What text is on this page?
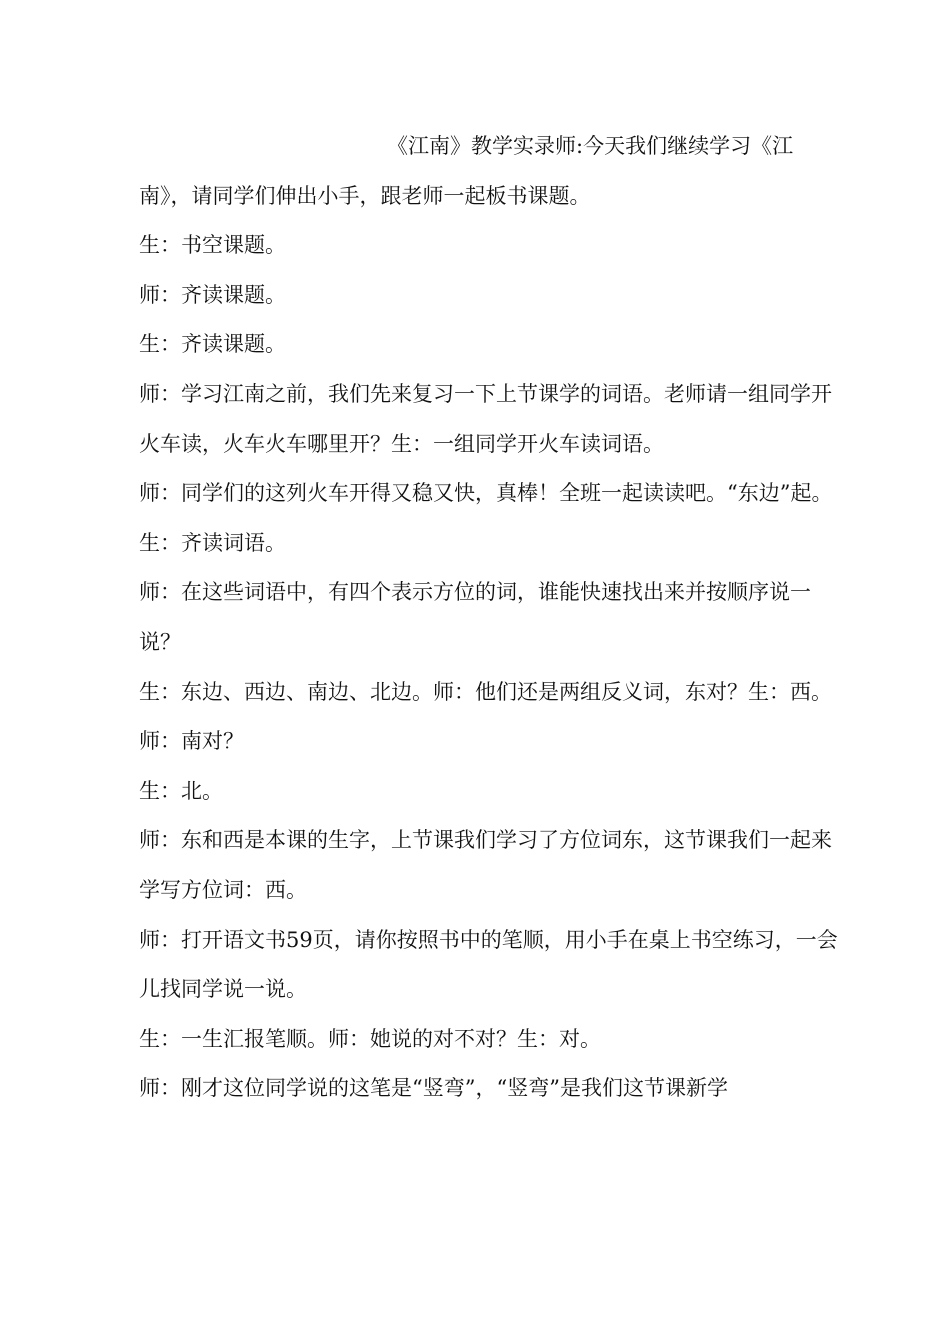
《江南》教学实录师:今天我们继续学习《江南》，请同学们伸出小手，跟老师一起板书课题。

生：书空课题。

师：齐读课题。

生：齐读课题。

师：学习江南之前，我们先来复习一下上节课学的词语。老师请一组同学开火车读，火车火车哪里开？生：一组同学开火车读词语。

师：同学们的这列火车开得又稳又快，真棒！全班一起读读吧。“东边”起。

生：齐读词语。

师：在这些词语中，有四个表示方位的词，谁能快速找出来并按顺序说一说？

生：东边、西边、南边、北边。师：他们还是两组反义词，东对？生：西。

师：南对？

生：北。

师：东和西是本课的生字，上节课我们学习了方位词东，这节课我们一起来学写方位词：西。

师：打开语文书59页，请你按照书中的笔顺，用小手在桌上书空练习，一会儿找同学说一说。

生：一生汇报笔顺。师：她说的对不对？生：对。

师：刚才这位同学说的这笔是“竖弯”，“竖弯”是我们这节课新学
